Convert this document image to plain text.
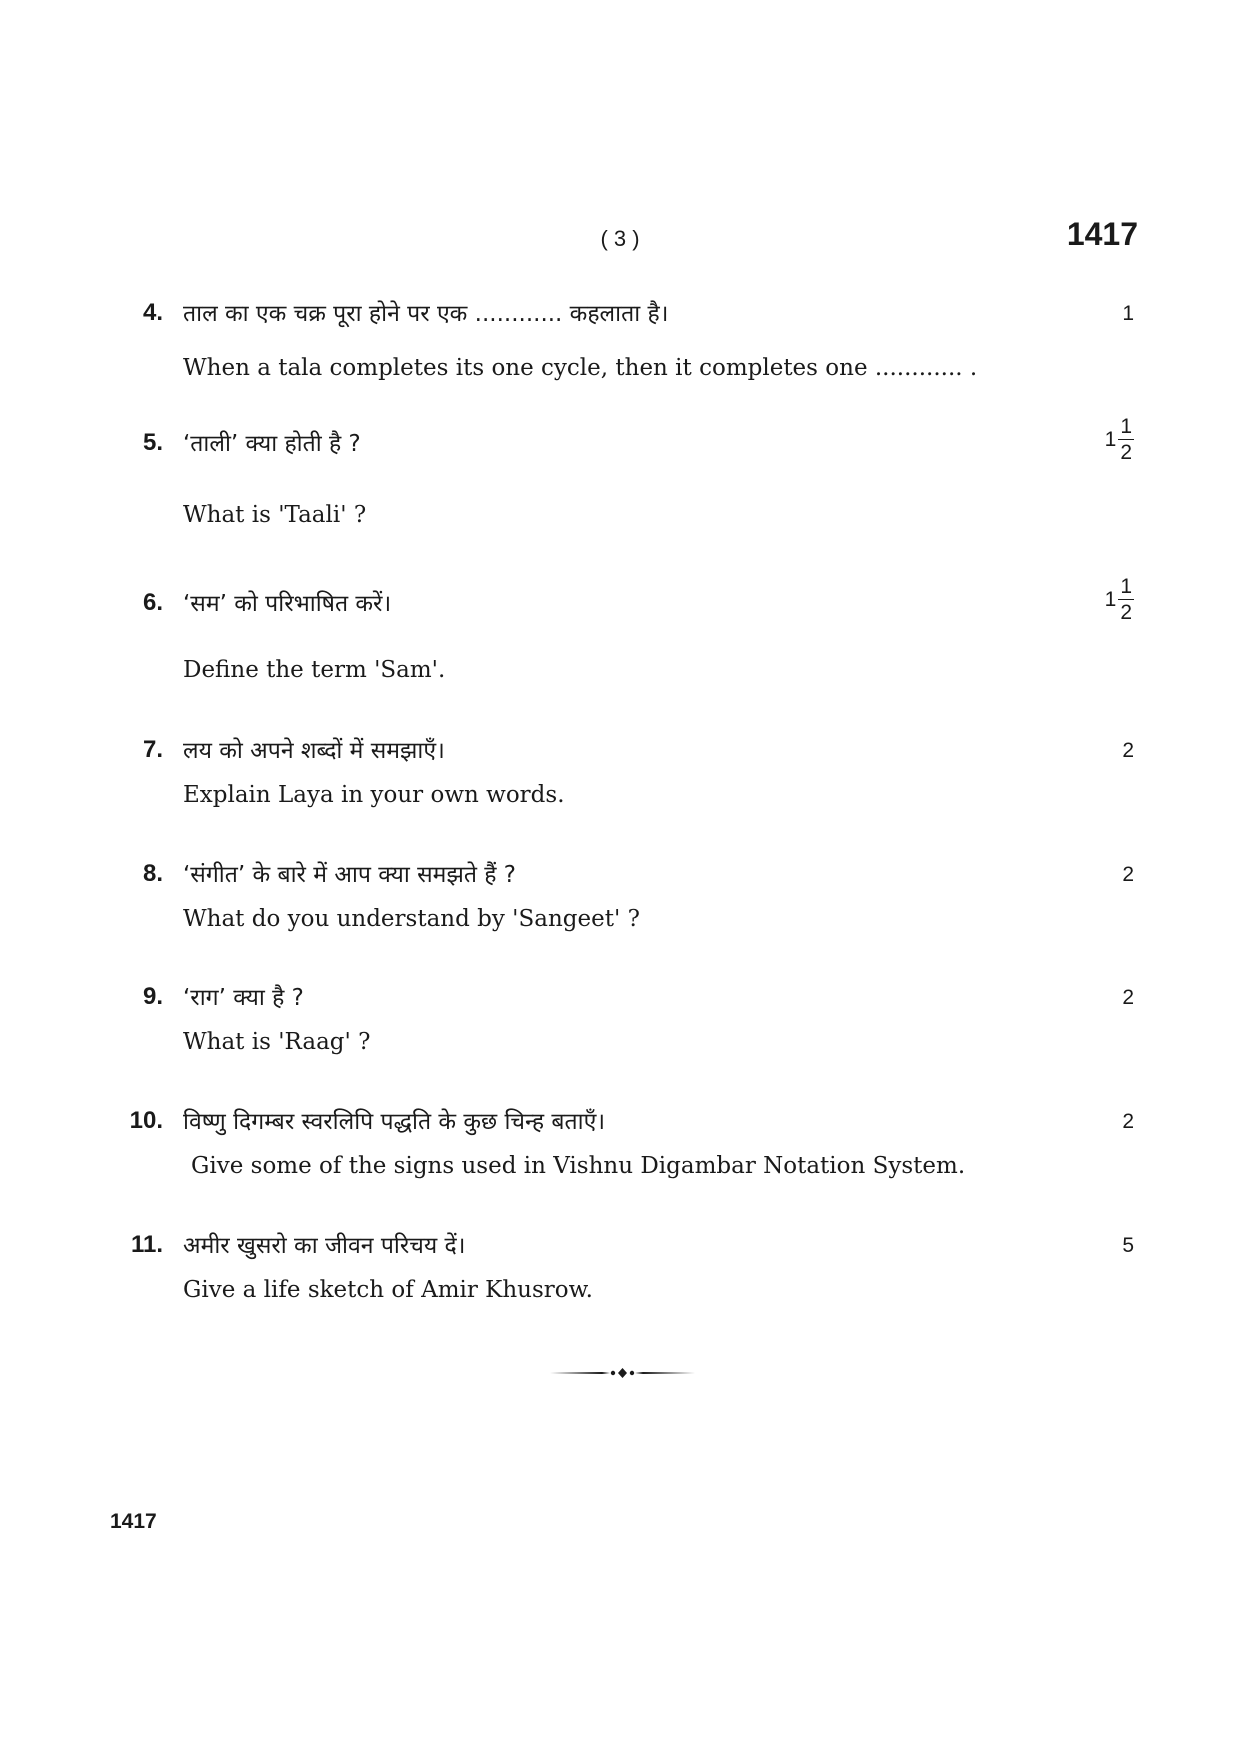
( 3 )	1417
4. ताल का एक चक्र पूरा होने पर एक ............ कहलाता है।	1
When a tala completes its one cycle, then it completes one ............ .
5. ‘ताली’ क्या होती है ?	$1 \frac{1}{2}$
What is 'Taali' ?
6. ‘सम’ को परिभाषित करें।	$1 \frac{1}{2}$
Define the term 'Sam'.
7. लय को अपने शब्दों में समझाएँ।	2
Explain Laya in your own words.
8. ‘संगीत’ के बारे में आप क्या समझते हैं ?	2
What do you understand by 'Sangeet' ?
9. ‘राग’ क्या है ?	2
What is 'Raag' ?
10. विष्णु दिगम्बर स्वरलिपि पद्धति के कुछ चिन्ह बताएँ।	2
Give some of the signs used in Vishnu Digambar Notation System.
11. अमीर खुसरो का जीवन परिचय दें।	5
Give a life sketch of Amir Khusrow.
1417
